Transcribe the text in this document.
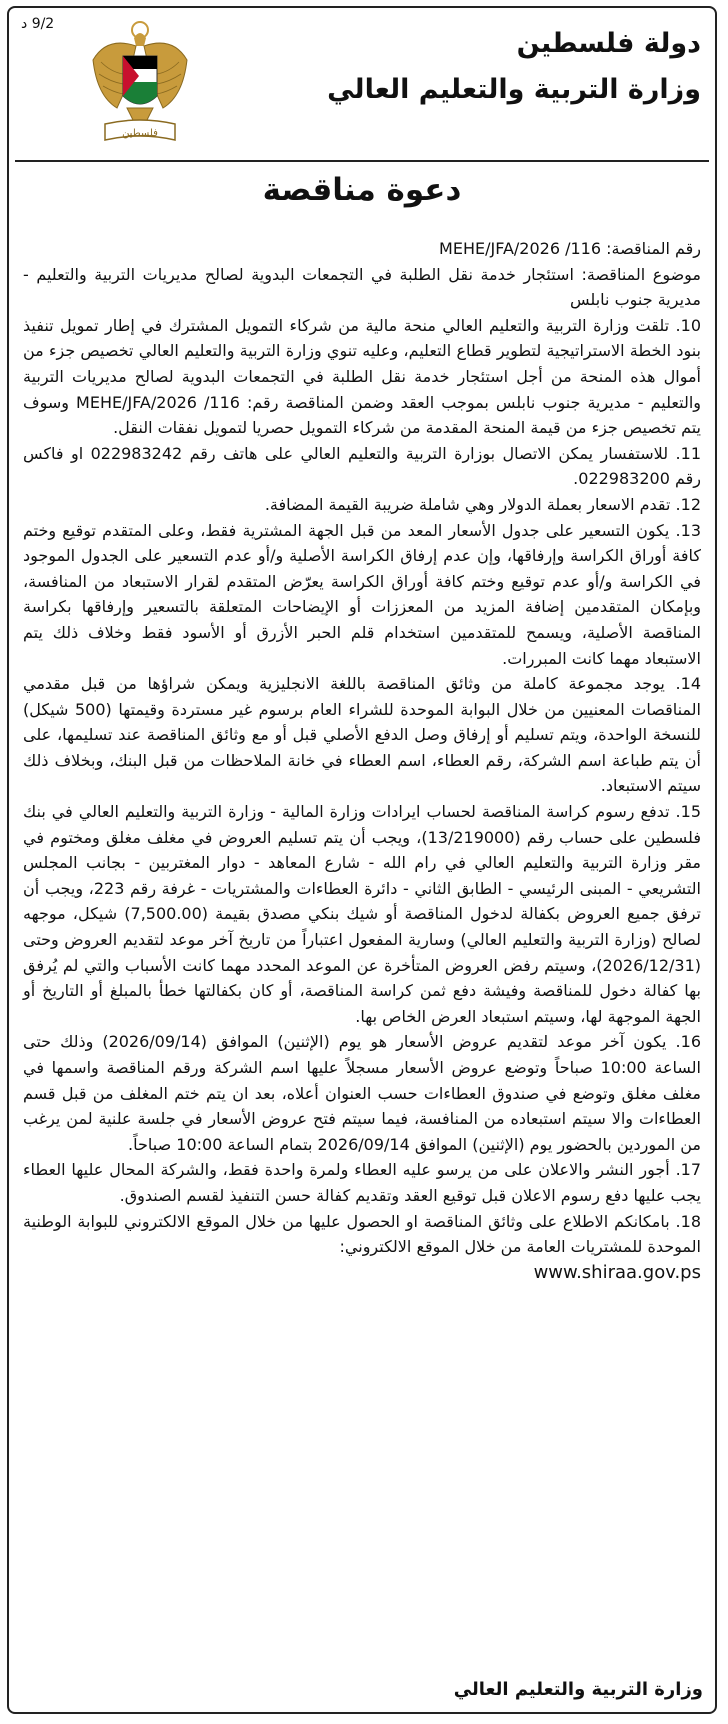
9/2 د
فلسطين
دولة فلسطين
وزارة التربية والتعليم العالي
دعوة مناقصة

رقم المناقصة: 116/ MEHE/JFA/2026

موضوع المناقصة: استئجار خدمة نقل الطلبة في التجمعات البدوية لصالح مديريات التربية والتعليم - مديرية جنوب نابلس

10. تلقت وزارة التربية والتعليم العالي منحة مالية من شركاء التمويل المشترك في إطار تمويل تنفيذ بنود الخطة الاستراتيجية لتطوير قطاع التعليم، وعليه تنوي وزارة التربية والتعليم العالي تخصيص جزء من أموال هذه المنحة من أجل استئجار خدمة نقل الطلبة في التجمعات البدوية لصالح مديريات التربية والتعليم - مديرية جنوب نابلس بموجب العقد وضمن المناقصة رقم: 116/ MEHE/JFA/2026 وسوف يتم تخصيص جزء من قيمة المنحة المقدمة من شركاء التمويل حصريا لتمويل نفقات النقل.

11. للاستفسار يمكن الاتصال بوزارة التربية والتعليم العالي على هاتف رقم 022983242 او فاكس رقم 022983200.

12. تقدم الاسعار بعملة الدولار وهي شاملة ضريبة القيمة المضافة.

13. يكون التسعير على جدول الأسعار المعد من قبل الجهة المشترية فقط، وعلى المتقدم توقيع وختم كافة أوراق الكراسة وإرفاقها، وإن عدم إرفاق الكراسة الأصلية و/أو عدم التسعير على الجدول الموجود في الكراسة و/أو عدم توقيع وختم كافة أوراق الكراسة يعرّض المتقدم لقرار الاستبعاد من المنافسة، وبإمكان المتقدمين إضافة المزيد من المعززات أو الإيضاحات المتعلقة بالتسعير وإرفاقها بكراسة المناقصة الأصلية، ويسمح للمتقدمين استخدام قلم الحبر الأزرق أو الأسود فقط وخلاف ذلك يتم الاستبعاد مهما كانت المبررات.

14. يوجد مجموعة كاملة من وثائق المناقصة باللغة الانجليزية ويمكن شراؤها من قبل مقدمي المناقصات المعنيين من خلال البوابة الموحدة للشراء العام برسوم غير مستردة وقيمتها (500 شيكل) للنسخة الواحدة، ويتم تسليم أو إرفاق وصل الدفع الأصلي قبل أو مع وثائق المناقصة عند تسليمها، على أن يتم طباعة اسم الشركة، رقم العطاء، اسم العطاء في خانة الملاحظات من قبل البنك، وبخلاف ذلك سيتم الاستبعاد.

15. تدفع رسوم كراسة المناقصة لحساب ايرادات وزارة المالية - وزارة التربية والتعليم العالي في بنك فلسطين على حساب رقم (13/219000)، ويجب أن يتم تسليم العروض في مغلف مغلق ومختوم في مقر وزارة التربية والتعليم العالي في رام الله - شارع المعاهد - دوار المغتربين - بجانب المجلس التشريعي - المبنى الرئيسي - الطابق الثاني - دائرة العطاءات والمشتريات - غرفة رقم 223، ويجب أن ترفق جميع العروض بكفالة لدخول المناقصة أو شيك بنكي مصدق بقيمة (7,500.00) شيكل، موجهه لصالح (وزارة التربية والتعليم العالي) وسارية المفعول اعتباراً من تاريخ آخر موعد لتقديم العروض وحتى (2026/12/31)، وسيتم رفض العروض المتأخرة عن الموعد المحدد مهما كانت الأسباب والتي لم يُرفق بها كفالة دخول للمناقصة وفيشة دفع ثمن كراسة المناقصة، أو كان بكفالتها خطأ بالمبلغ أو التاريخ أو الجهة الموجهة لها، وسيتم استبعاد العرض الخاص بها.

16. يكون آخر موعد لتقديم عروض الأسعار هو يوم (الإثنين) الموافق (2026/09/14) وذلك حتى الساعة 10:00 صباحاً وتوضع عروض الأسعار مسجلاً عليها اسم الشركة ورقم المناقصة واسمها في مغلف مغلق وتوضع في صندوق العطاءات حسب العنوان أعلاه، بعد ان يتم ختم المغلف من قبل قسم العطاءات والا سيتم استبعاده من المنافسة، فيما سيتم فتح عروض الأسعار في جلسة علنية لمن يرغب من الموردين بالحضور يوم (الإثنين) الموافق 2026/09/14 بتمام الساعة 10:00 صباحاً.

17. أجور النشر والاعلان على من يرسو عليه العطاء ولمرة واحدة فقط، والشركة المحال عليها العطاء يجب عليها دفع رسوم الاعلان قبل توقيع العقد وتقديم كفالة حسن التنفيذ لقسم الصندوق.

18. بامكانكم الاطلاع على وثائق المناقصة او الحصول عليها من خلال الموقع الالكتروني للبوابة الوطنية الموحدة للمشتريات العامة من خلال الموقع الالكتروني:

www.shiraa.gov.ps
وزارة التربية والتعليم العالي
